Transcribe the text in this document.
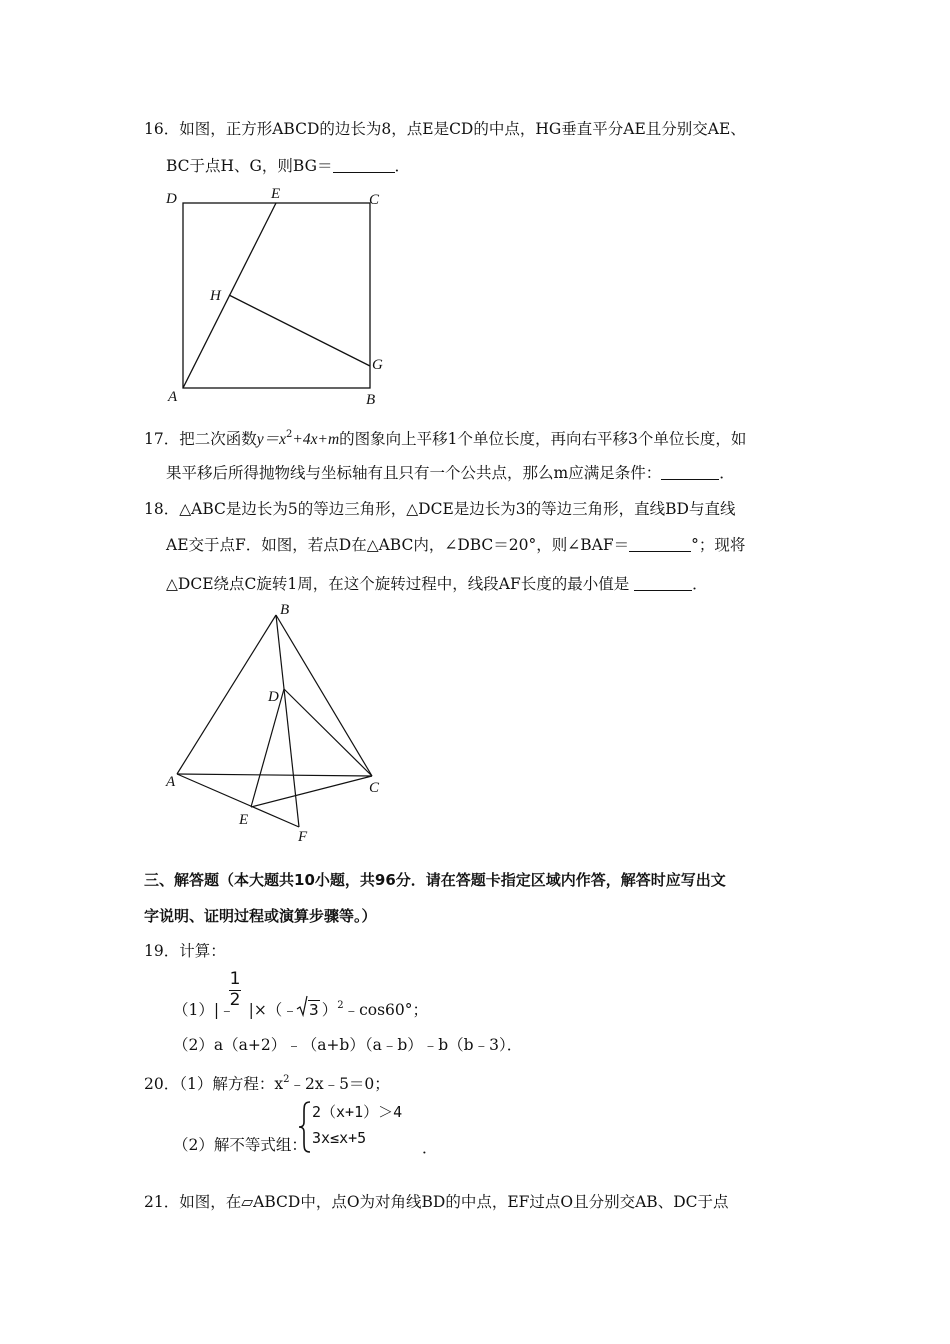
16．如图，正方形ABCD的边长为8，点E是CD的中点，HG垂直平分AE且分别交AE、
BC于点H、G，则BG＝	．
D	E	C
H
G
A	B
17．把二次函数$y=x^2+4x+m$的图象向上平移1个单位长度，再向右平移3个单位长度，如
果平移后所得抛物线与坐标轴有且只有一个公共点，那么m应满足条件：	．
18．△ABC是边长为5的等边三角形，△DCE是边长为3的等边三角形，直线BD与直线
AE交于点F．如图，若点D在△ABC内，∠DBC＝20°，则∠BAF＝	°；现将
△DCE绕点C旋转1周，在这个旋转过程中，线段AF长度的最小值是	．
B
D
A	C
E
F
三、解答题（本大题共10小题，共96分．请在答题卡指定区域内作答，解答时应写出文
字说明、证明过程或演算步骤等。）
19．计算：
（1）|﹣ |×（﹣ 3 ）$^2$﹣cos60°；
1
2
（2）a（a+2）﹣（a+b）（a﹣b）﹣b（b﹣3）．
20．（1）解方程：$x^2﹣2x﹣5=0$；
（2）解不等式组：
2（x+1）＞4
3x≤x+5
．
21．如图，在▱ABCD中，点O为对角线BD的中点，EF过点O且分别交AB、DC于点
